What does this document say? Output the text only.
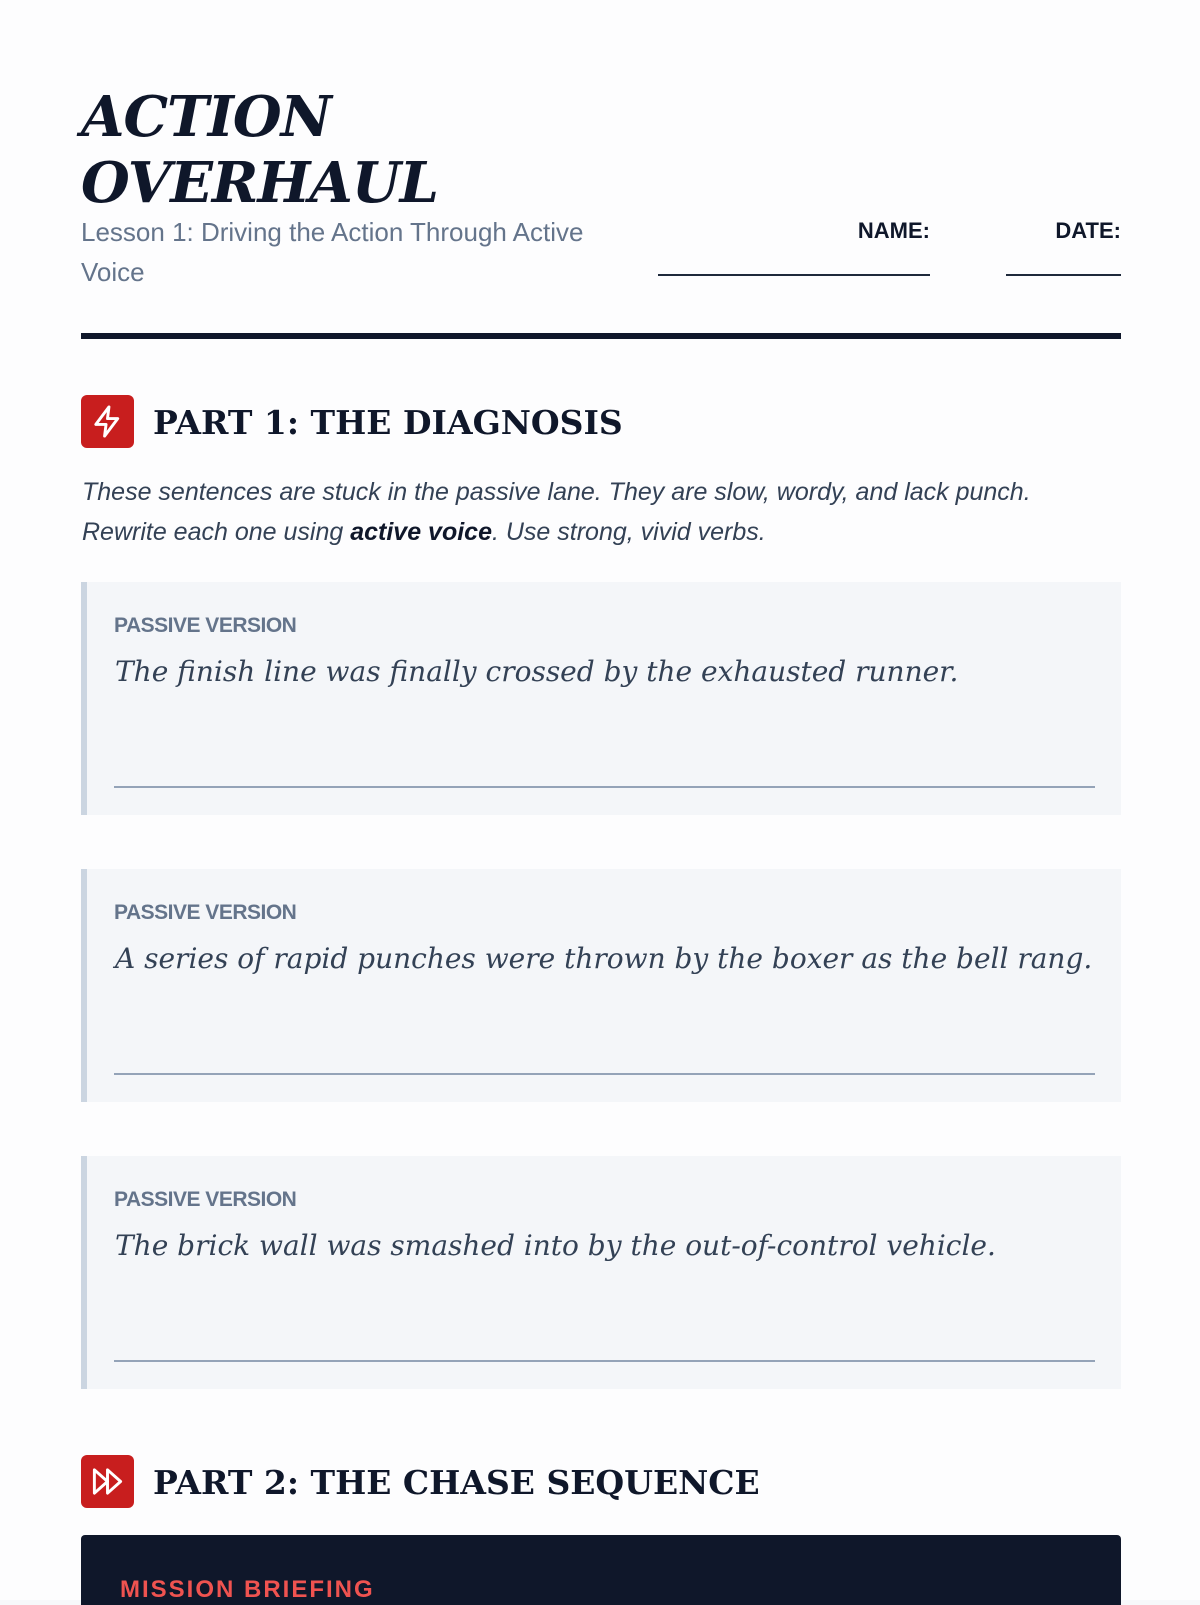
ACTION
OVERHAUL
Lesson 1: Driving the Action Through Active Voice
NAME:	DATE:
PART 1: THE DIAGNOSIS
These sentences are stuck in the passive lane. They are slow, wordy, and lack punch. Rewrite each one using active voice. Use strong, vivid verbs.
PASSIVE VERSION
The finish line was finally crossed by the exhausted runner.
PASSIVE VERSION
A series of rapid punches were thrown by the boxer as the bell rang.
PASSIVE VERSION
The brick wall was smashed into by the out-of-control vehicle.
PART 2: THE CHASE SEQUENCE
MISSION BRIEFING
